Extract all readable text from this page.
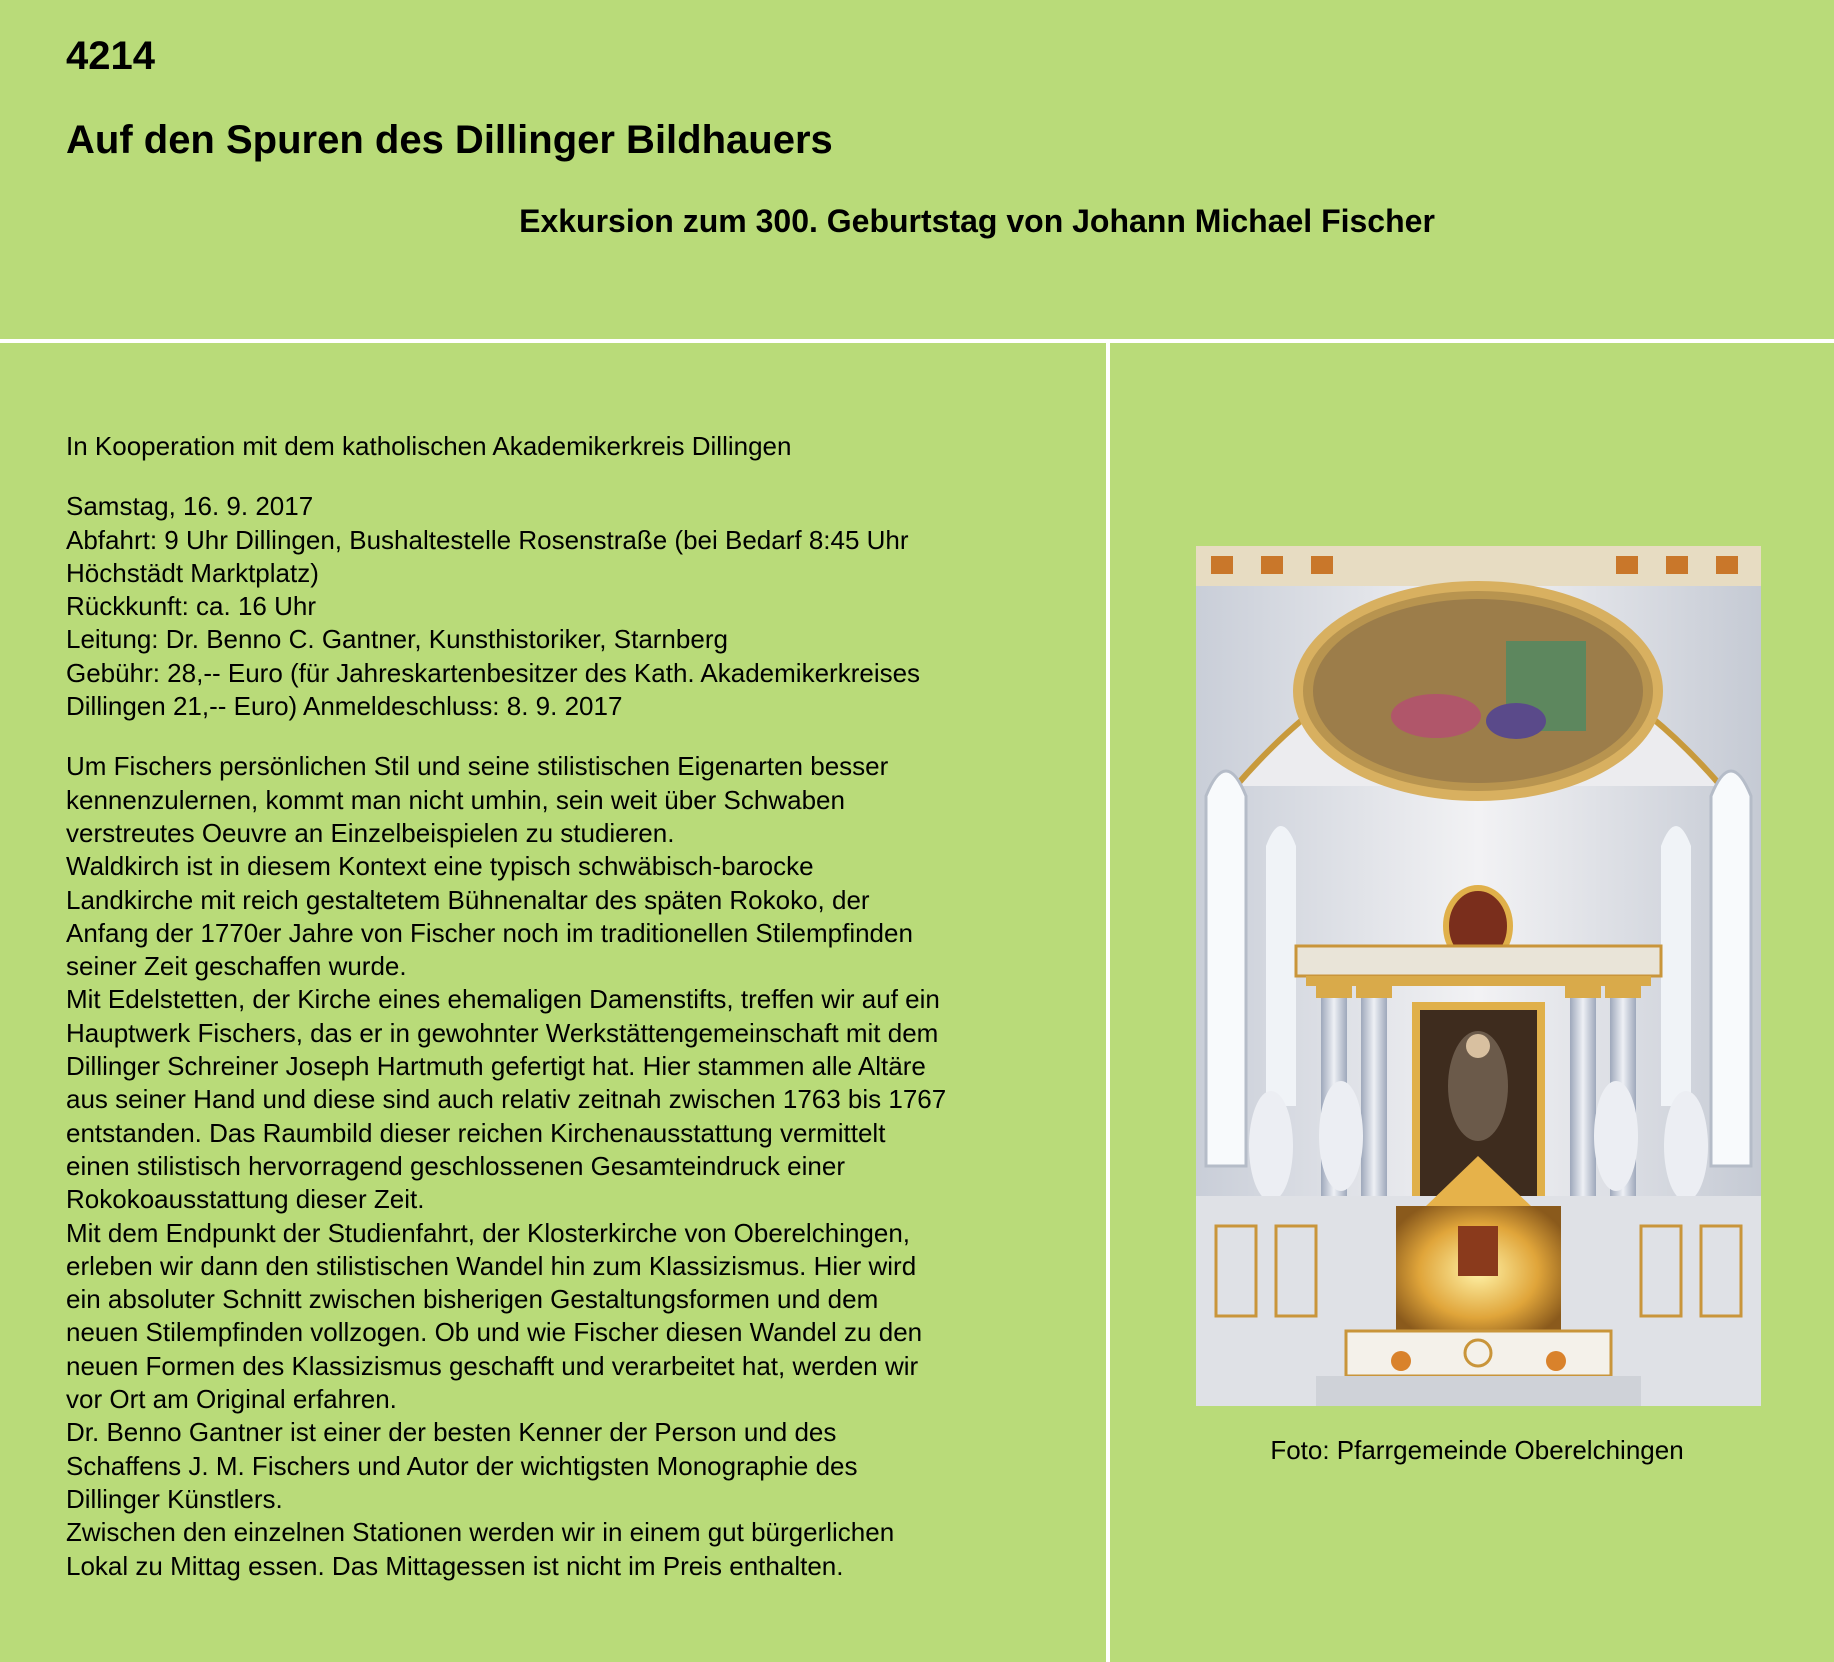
4214
Auf den Spuren des Dillinger Bildhauers
Exkursion zum 300. Geburtstag von Johann Michael Fischer

In Kooperation mit dem katholischen Akademikerkreis Dillingen

Samstag, 16. 9. 2017

Abfahrt: 9 Uhr Dillingen, Bushaltestelle Rosenstraße (bei Bedarf 8:45 Uhr

Höchstädt Marktplatz)

Rückkunft: ca. 16 Uhr

Leitung: Dr. Benno C. Gantner, Kunsthistoriker, Starnberg

Gebühr: 28,-- Euro (für Jahreskartenbesitzer des Kath. Akademikerkreises

Dillingen 21,-- Euro) Anmeldeschluss: 8. 9. 2017

Um Fischers persönlichen Stil und seine stilistischen Eigenarten besser

kennenzulernen, kommt man nicht umhin, sein weit über Schwaben

verstreutes Oeuvre an Einzelbeispielen zu studieren.

Waldkirch ist in diesem Kontext eine typisch schwäbisch-barocke

Landkirche mit reich gestaltetem Bühnenaltar des späten Rokoko, der

Anfang der 1770er Jahre von Fischer noch im traditionellen Stilempfinden

seiner Zeit geschaffen wurde.

Mit Edelstetten, der Kirche eines ehemaligen Damenstifts, treffen wir auf ein

Hauptwerk Fischers, das er in gewohnter Werkstättengemeinschaft mit dem

Dillinger Schreiner Joseph Hartmuth gefertigt hat. Hier stammen alle Altäre

aus seiner Hand und diese sind auch relativ zeitnah zwischen 1763 bis 1767

entstanden. Das Raumbild dieser reichen Kirchenausstattung vermittelt

einen stilistisch hervorragend geschlossenen Gesamteindruck einer

Rokokoausstattung dieser Zeit.

Mit dem Endpunkt der Studienfahrt, der Klosterkirche von Oberelchingen,

erleben wir dann den stilistischen Wandel hin zum Klassizismus. Hier wird

ein absoluter Schnitt zwischen bisherigen Gestaltungsformen und dem

neuen Stilempfinden vollzogen. Ob und wie Fischer diesen Wandel zu den

neuen Formen des Klassizismus geschafft und verarbeitet hat, werden wir

vor Ort am Original erfahren.

Dr. Benno Gantner ist einer der besten Kenner der Person und des

Schaffens J. M. Fischers und Autor der wichtigsten Monographie des

Dillinger Künstlers.

Zwischen den einzelnen Stationen werden wir in einem gut bürgerlichen

Lokal zu Mittag essen. Das Mittagessen ist nicht im Preis enthalten.

Foto: Pfarrgemeinde Oberelchingen
